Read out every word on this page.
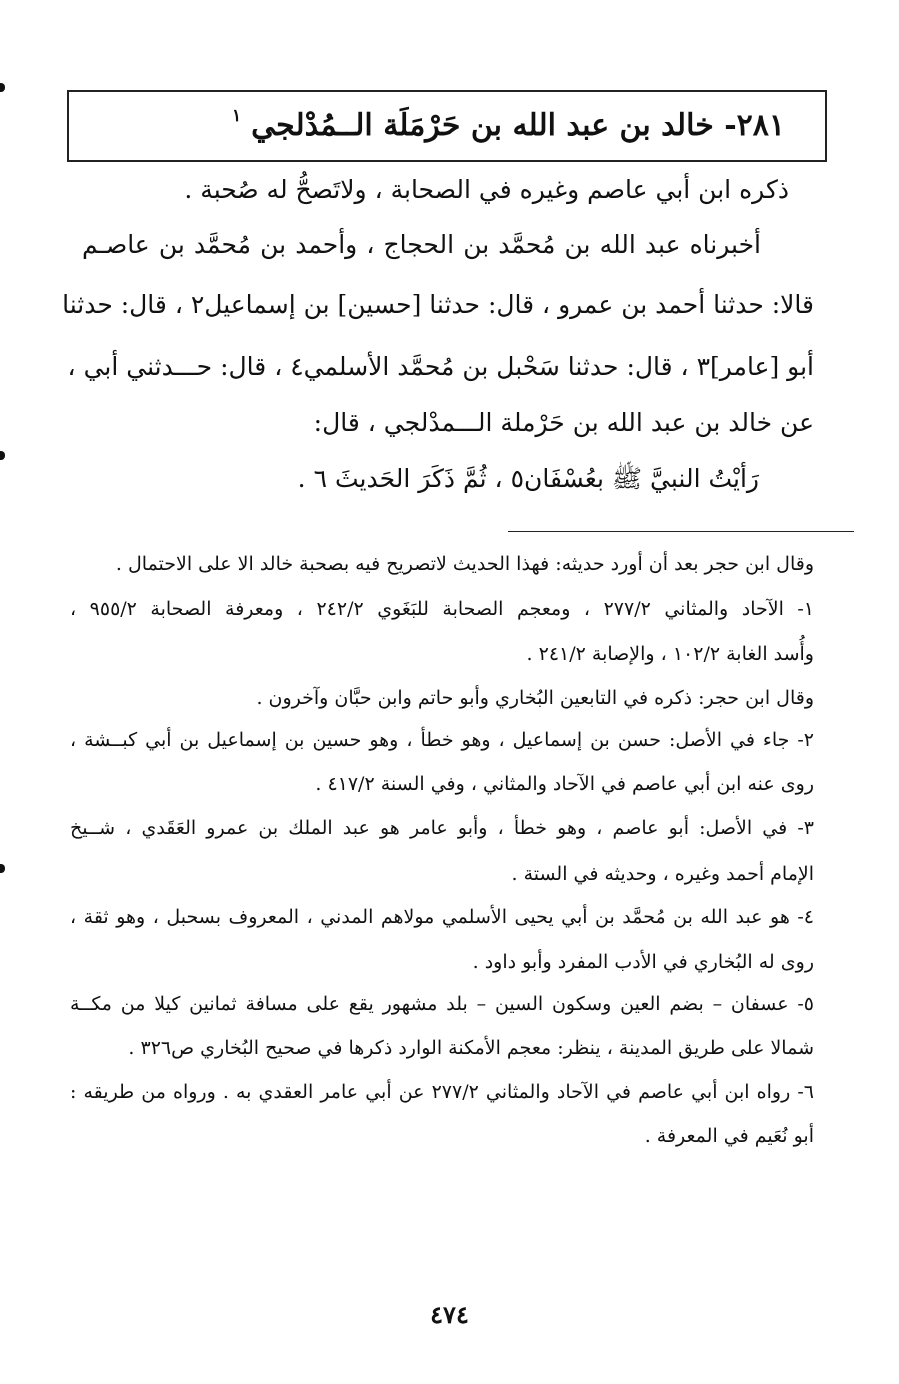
٢٨١- خالد بن عبد الله بن حَرْمَلَة الــمُدْلجي$^١$
ذكره ابن أبي عاصم وغيره في الصحابة ، ولاتَصحُّ له صُحبة .
أخبرناه عبد الله بن مُحمَّد بن الحجاج ، وأحمد بن مُحمَّد بن عاصـم
قالا: حدثنا أحمد بن عمرو ، قال: حدثنا [حسين] بن إسماعيل٢ ، قال: حدثنا
أبو [عامر]٣ ، قال: حدثنا سَحْبل بن مُحمَّد الأسلمي٤ ، قال: حـــدثني أبي ،
عن خالد بن عبد الله بن حَرْملة الـــمدْلجي ، قال:
رَأيْتُ النبيَّ ﷺ بعُسْفَان٥ ، ثُمَّ ذَكَرَ الحَديثَ ٦ .
وقال ابن حجر بعد أن أورد حديثه: فهذا الحديث لاتصريح فيه بصحبة خالد الا على الاحتمال .
١- الآحاد والمثاني ٢٧٧/٢ ، ومعجم الصحابة للبَغَوي ٢٤٢/٢ ، ومعرفة الصحابة ٩٥٥/٢ ،
وأُسد الغابة ١٠٢/٢ ، والإصابة ٢٤١/٢ .
وقال ابن حجر: ذكره في التابعين البُخاري وأبو حاتم وابن حبَّان وآخرون .
٢- جاء في الأصل: حسن بن إسماعيل ، وهو خطأ ، وهو حسين بن إسماعيل بن أبي كبــشة ،
روى عنه ابن أبي عاصم في الآحاد والمثاني ، وفي السنة ٤١٧/٢ .
٣- في الأصل: أبو عاصم ، وهو خطأ ، وأبو عامر هو عبد الملك بن عمرو العَقَدي ، شــيخ
الإمام أحمد وغيره ، وحديثه في الستة .
٤- هو عبد الله بن مُحمَّد بن أبي يحيى الأسلمي مولاهم المدني ، المعروف بسحبل ، وهو ثقة ،
روى له البُخاري في الأدب المفرد وأبو داود .
٥- عسفان – بضم العين وسكون السين – بلد مشهور يقع على مسافة ثمانين كيلا من مكــة
شمالا على طريق المدينة ، ينظر: معجم الأمكنة الوارد ذكرها في صحيح البُخاري ص٣٢٦ .
٦- رواه ابن أبي عاصم في الآحاد والمثاني ٢٧٧/٢ عن أبي عامر العقدي به . ورواه من طريقه :
أبو نُعَيم في المعرفة .
٤٧٤
